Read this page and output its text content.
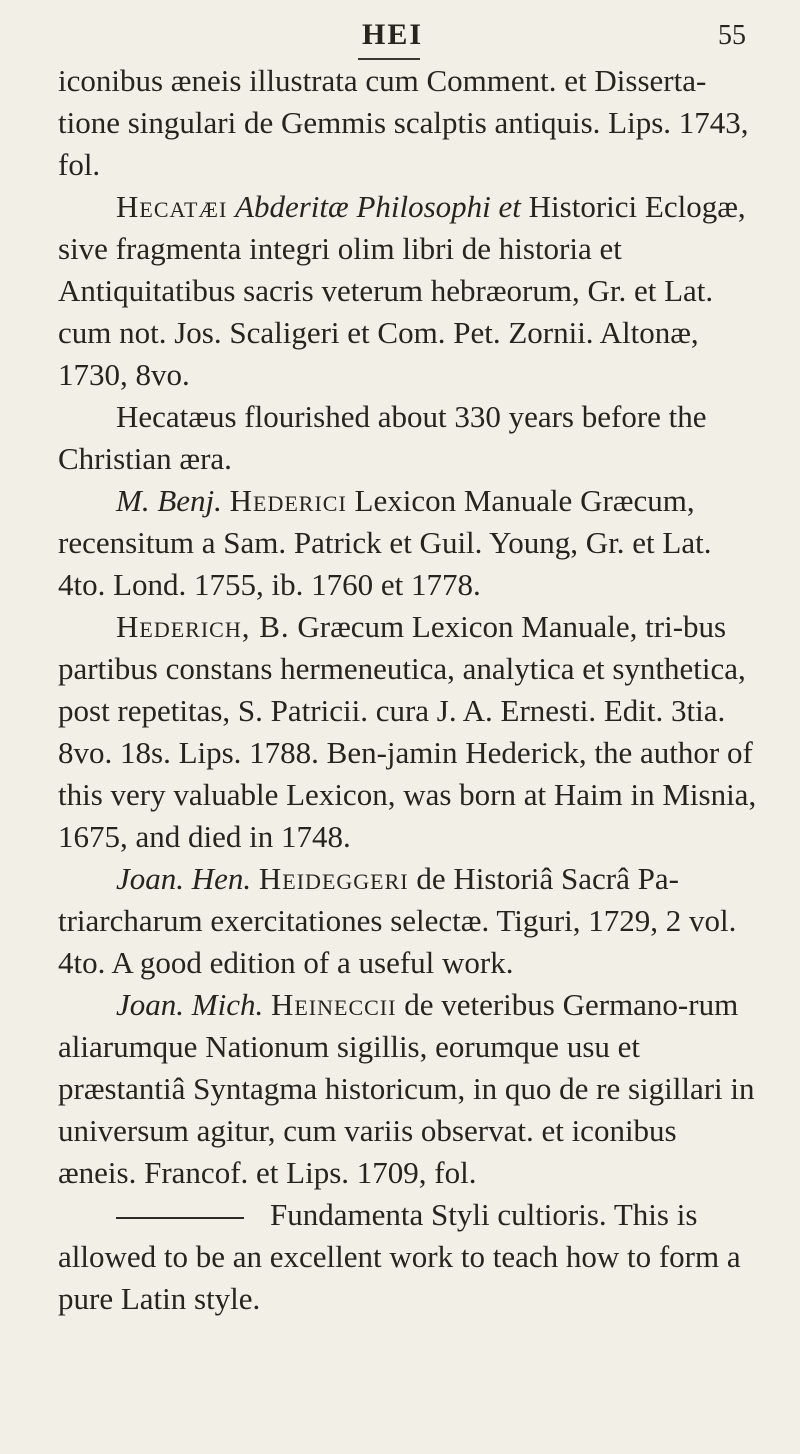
HEI	55

iconibus æneis illustrata cum Comment. et Disserta-tione singulari de Gemmis scalptis antiquis. Lips. 1743, fol.

Hecatæi Abderitæ Philosophi et Historici Eclogæ, sive fragmenta integri olim libri de historia et Antiquitatibus sacris veterum hebræorum, Gr. et Lat. cum not. Jos. Scaligeri et Com. Pet. Zornii. Altonæ, 1730, 8vo.

Hecatæus flourished about 330 years before the Christian æra.

M. Benj. Hederici Lexicon Manuale Græcum, recensitum a Sam. Patrick et Guil. Young, Gr. et Lat. 4to. Lond. 1755, ib. 1760 et 1778.

Hederich, B. Græcum Lexicon Manuale, tri-bus partibus constans hermeneutica, analytica et synthetica, post repetitas, S. Patricii. cura J. A. Ernesti. Edit. 3tia. 8vo. 18s. Lips. 1788. Ben-jamin Hederick, the author of this very valuable Lexicon, was born at Haim in Misnia, 1675, and died in 1748.

Joan. Hen. Heideggeri de Historiâ Sacrâ Pa-triarcharum exercitationes selectæ. Tiguri, 1729, 2 vol. 4to. A good edition of a useful work.

Joan. Mich. Heineccii de veteribus Germano-rum aliarumque Nationum sigillis, eorumque usu et præstantiâ Syntagma historicum, in quo de re sigillari in universum agitur, cum variis observat. et iconibus æneis. Francof. et Lips. 1709, fol.

Fundamenta Styli cultioris. This is allowed to be an excellent work to teach how to form a pure Latin style.
